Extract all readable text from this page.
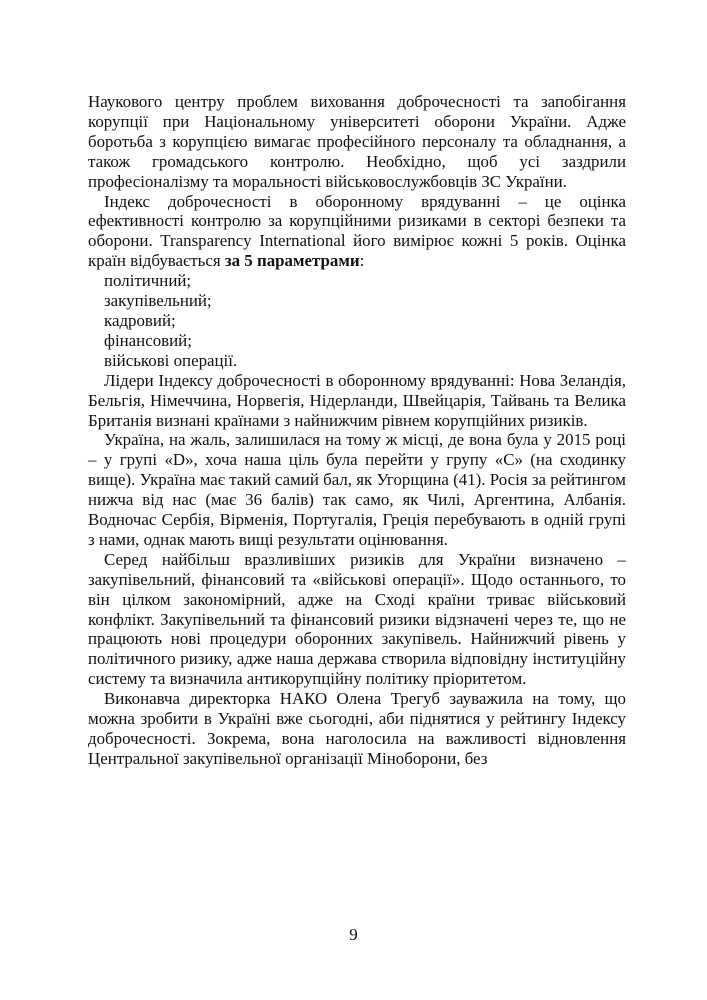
Наукового центру проблем виховання доброчесності та запобігання корупції при Національному університеті оборони України. Адже боротьба з корупцією вимагає професійного персоналу та обладнання, а також громадського контролю. Необхідно, щоб усі заздрили професіоналізму та моральності військовослужбовців ЗС України.

Індекс доброчесності в оборонному врядуванні – це оцінка ефективності контролю за корупційними ризиками в секторі безпеки та оборони. Transparency International його вимірює кожні 5 років. Оцінка країн відбувається за 5 параметрами:

політичний;

закупівельний;

кадровий;

фінансовий;

військові операції.

Лідери Індексу доброчесності в оборонному врядуванні: Нова Зеландія, Бельгія, Німеччина, Норвегія, Нідерланди, Швейцарія, Тайвань та Велика Британія визнані країнами з найнижчим рівнем корупційних ризиків.

Україна, на жаль, залишилася на тому ж місці, де вона була у 2015 році – у групі «D», хоча наша ціль була перейти у групу «С» (на сходинку вище). Україна має такий самий бал, як Угорщина (41). Росія за рейтингом нижча від нас (має 36 балів) так само, як Чилі, Аргентина, Албанія. Водночас Сербія, Вірменія, Португалія, Греція перебувають в одній групі з нами, однак мають вищі результати оцінювання.

Серед найбільш вразливіших ризиків для України визначено – закупівельний, фінансовий та «військові операції». Щодо останнього, то він цілком закономірний, адже на Сході країни триває військовий конфлікт. Закупівельний та фінансовий ризики відзначені через те, що не працюють нові процедури оборонних закупівель. Найнижчий рівень у політичного ризику, адже наша держава створила відповідну інституційну систему та визначила антикорупційну політику пріоритетом.

Виконавча директорка НАКО Олена Трегуб зауважила на тому, що можна зробити в Україні вже сьогодні, аби піднятися у рейтингу Індексу доброчесності. Зокрема, вона наголосила на важливості відновлення Центральної закупівельної організації Міноборони, без

9
